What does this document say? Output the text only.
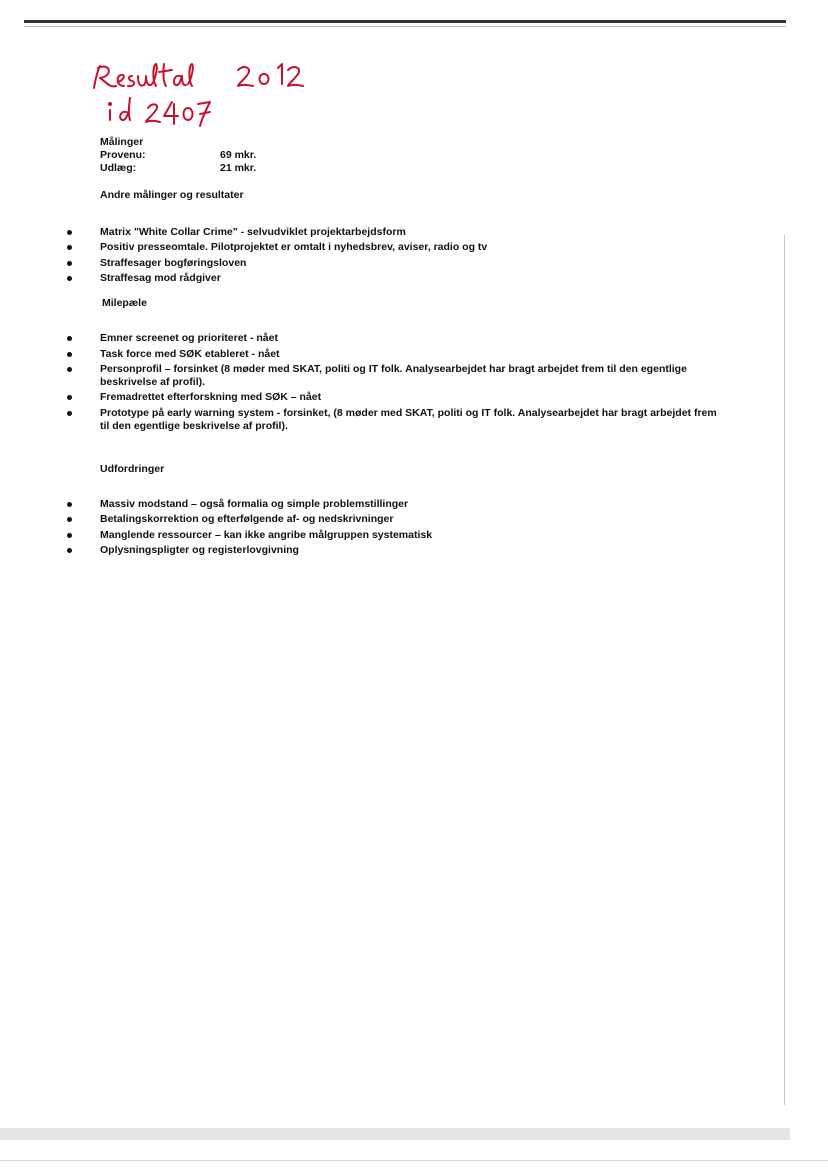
Målinger
Provenu:	69 mkr.
Udlæg:	21 mkr.
Andre målinger og resultater
Matrix "White Collar Crime" - selvudviklet projektarbejdsform
Positiv presseomtale. Pilotprojektet er omtalt i nyhedsbrev, aviser, radio og tv
Straffesager bogføringsloven
Straffesag mod rådgiver
Milepæle
Emner screenet og prioriteret - nået
Task force med SØK etableret - nået
Personprofil – forsinket (8 møder med SKAT, politi og IT folk. Analysearbejdet har bragt arbejdet frem til den egentlige beskrivelse af profil).
Fremadrettet efterforskning med SØK – nået
Prototype på early warning system - forsinket, (8 møder med SKAT, politi og IT folk. Analysearbejdet har bragt arbejdet frem til den egentlige beskrivelse af profil).
Udfordringer
Massiv modstand – også formalia og simple problemstillinger
Betalingskorrektion og efterfølgende af- og nedskrivninger
Manglende ressourcer – kan ikke angribe målgruppen systematisk
Oplysningspligter og registerlovgivning
